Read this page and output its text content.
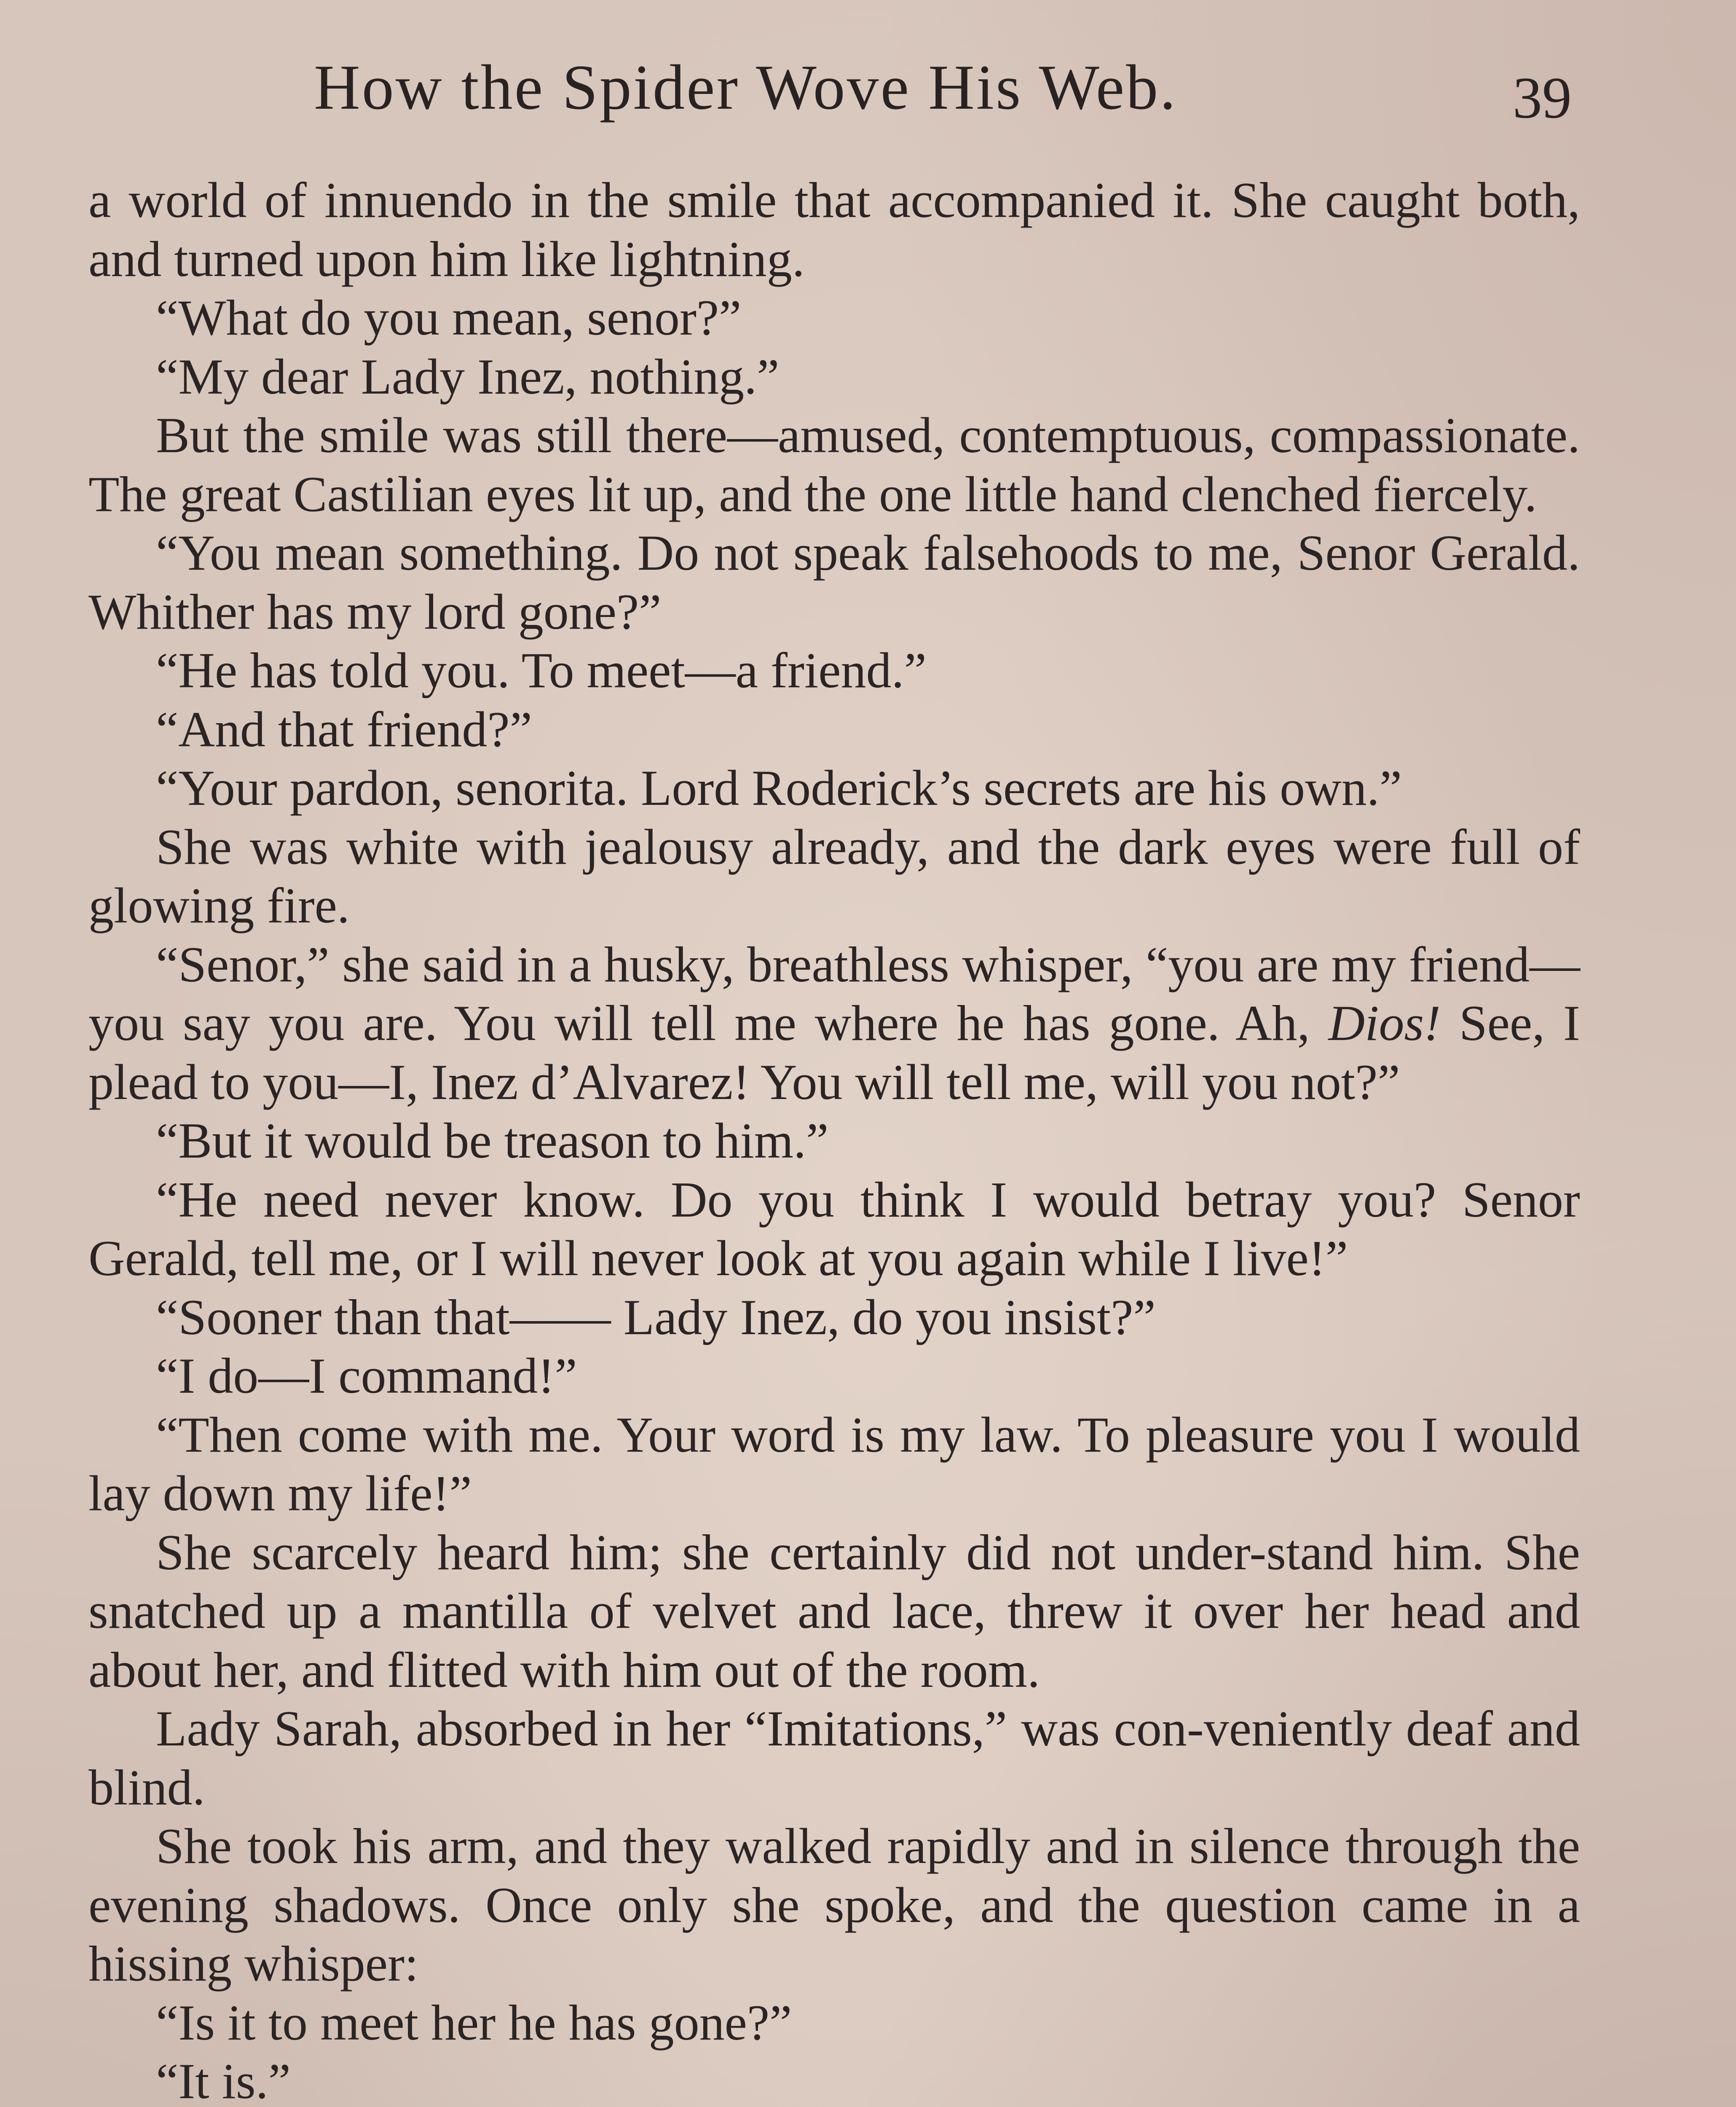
How the Spider Wove His Web.	39

a world of innuendo in the smile that accompanied it. She caught both, and turned upon him like lightning.

“What do you mean, senor?”

“My dear Lady Inez, nothing.”

But the smile was still there—amused, contemptuous, compassionate. The great Castilian eyes lit up, and the one little hand clenched fiercely.

“You mean something. Do not speak falsehoods to me, Senor Gerald. Whither has my lord gone?”

“He has told you. To meet—a friend.”

“And that friend?”

“Your pardon, senorita. Lord Roderick’s secrets are his own.”

She was white with jealousy already, and the dark eyes were full of glowing fire.

“Senor,” she said in a husky, breathless whisper, “you are my friend—you say you are. You will tell me where he has gone. Ah, Dios! See, I plead to you—I, Inez d’Alvarez! You will tell me, will you not?”

“But it would be treason to him.”

“He need never know. Do you think I would betray you? Senor Gerald, tell me, or I will never look at you again while I live!”

“Sooner than that—— Lady Inez, do you insist?”

“I do—I command!”

“Then come with me. Your word is my law. To pleasure you I would lay down my life!”

She scarcely heard him; she certainly did not under-stand him. She snatched up a mantilla of velvet and lace, threw it over her head and about her, and flitted with him out of the room.

Lady Sarah, absorbed in her “Imitations,” was con-veniently deaf and blind.

She took his arm, and they walked rapidly and in silence through the evening shadows. Once only she spoke, and the question came in a hissing whisper:

“Is it to meet her he has gone?”

“It is.”
